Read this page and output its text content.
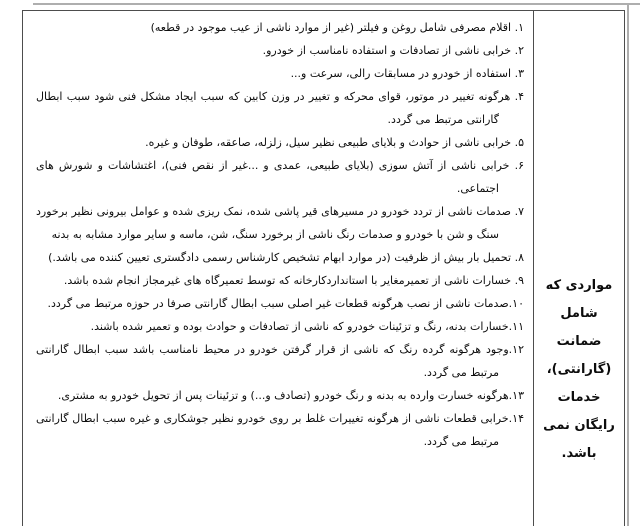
مواردی که شامل ضمانت (گارانتی)، خدمات رایگان نمی باشد.	

۱. اقلام مصرفی شامل روغن و فیلتر (غیر از موارد ناشی از عیب موجود در قطعه)

۲. خرابی ناشی از تصادفات و استفاده نامناسب از خودرو.

۳. استفاده از خودرو در مسابقات رالی، سرعت و...

۴. هرگونه تغییر در موتور، قوای محرکه و تغییر در وزن کابین که سبب ایجاد مشکل فنی شود سبب ابطال گارانتی مرتبط می گردد.

۵. خرابی ناشی از حوادث و بلایای طبیعی نظیر سیل، زلزله، صاعقه، طوفان و غیره.

۶. خرابی ناشی از آتش سوزی (بلایای طبیعی، عمدی و ...غیر از نقص فنی)، اغتشاشات و شورش های اجتماعی.

۷. صدمات ناشی از تردد خودرو در مسیرهای قیر پاشی شده، نمک ریزی شده و عوامل بیرونی نظیر برخورد سنگ و شن با خودرو و صدمات رنگ ناشی از برخورد سنگ، شن، ماسه و سایر موارد مشابه به بدنه

۸. تحمیل بار بیش از ظرفیت (در موارد ابهام تشخیص کارشناس رسمی دادگستری تعیین کننده می باشد.)

۹. خسارات ناشی از تعمیرمغایر با استانداردکارخانه که توسط تعمیرگاه های غیرمجاز انجام شده باشد.

۱۰.صدمات ناشی از نصب هرگونه قطعات غیر اصلی سبب ابطال گارانتی صرفا در حوزه مرتبط می گردد.

۱۱.خسارات بدنه، رنگ و تزئینات خودرو که ناشی از تصادفات و حوادث بوده و تعمیر شده باشند.

۱۲.وجود هرگونه گرده رنگ که ناشی از قرار گرفتن خودرو در محیط نامناسب باشد سبب ابطال گارانتی مرتبط می گردد.

۱۳.هرگونه خسارت وارده به بدنه و رنگ خودرو (تصادف و...) و تزئینات پس از تحویل خودرو به مشتری.

۱۴.خرابی قطعات ناشی از هرگونه تغییرات غلط بر روی خودرو نظیر جوشکاری و غیره سبب ابطال گارانتی مرتبط می گردد.
